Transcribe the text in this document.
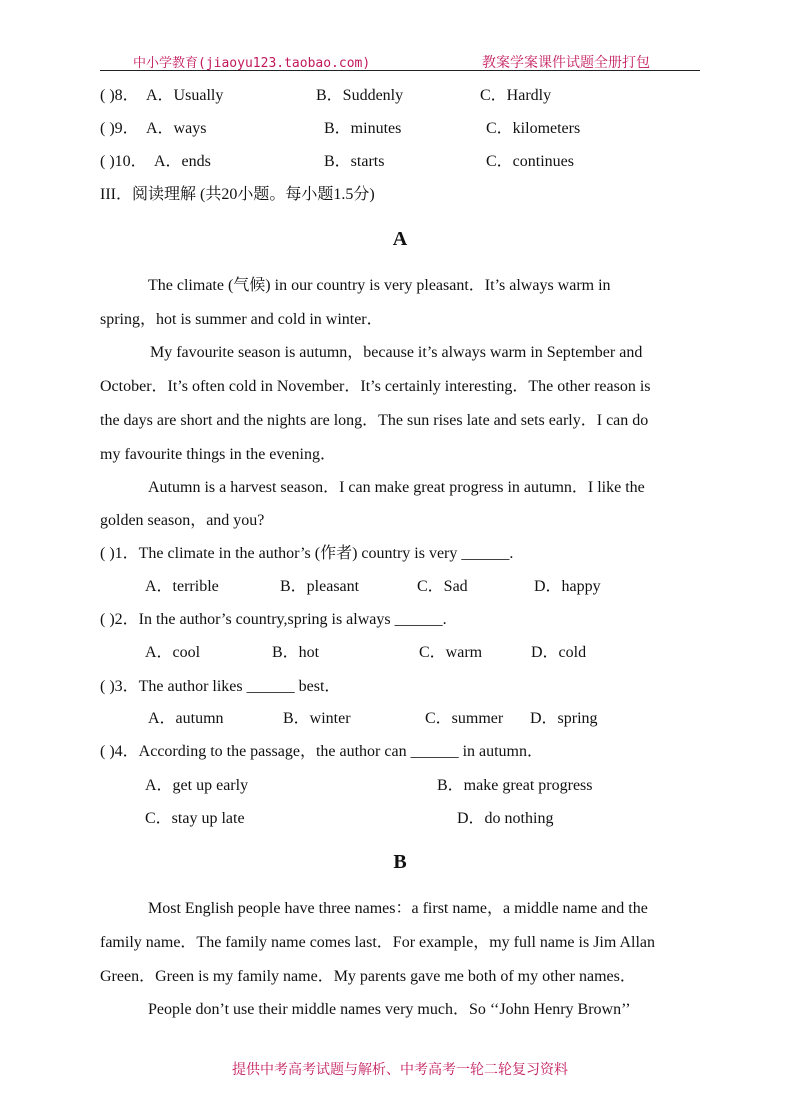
中小学教育(jiaoyu123.taobao.com)	教案学案课件试题全册打包
( )8． A．Usually	B．Suddenly	C．Hardly
( )9． A．ways	B．minutes	C．kilometers
( )10． A．ends	B．starts	C．continues
III．阅读理解 (共20小题。每小题1.5分)
A
The climate (气候) in our country is very pleasant．It’s always warm in
spring，hot is summer and cold in winter．
My favourite season is autumn，because it’s always warm in September and
October．It’s often cold in November．It’s certainly interesting．The other reason is
the days are short and the nights are long．The sun rises late and sets early．I can do
my favourite things in the evening．
Autumn is a harvest season．I can make great progress in autumn．I like the
golden season，and you?
( )1．The climate in the author’s (作者) country is very ______.
A．terrible	B．pleasant	C．Sad	D．happy
( )2．In the author’s country,spring is always ______.
A．cool	B．hot	C．warm	D．cold
( )3．The author likes ______ best．
A．autumn	B．winter	C．summer D．spring
( )4．According to the passage，the author can ______ in autumn．
A．get up early	B．make great progress
C．stay up late	D．do nothing
B
Most English people have three names：a first name，a middle name and the
family name．The family name comes last．For example，my full name is Jim Allan
Green．Green is my family name．My parents gave me both of my other names．
People don’t use their middle names very much．So ‘‘John Henry Brown’’
提供中考高考试题与解析、中考高考一轮二轮复习资料
